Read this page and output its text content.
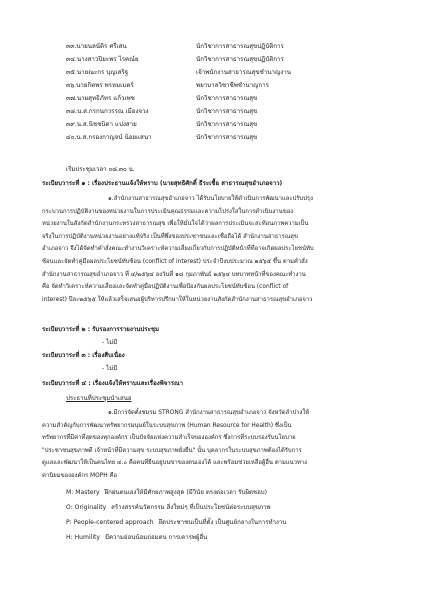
๓๓.นายนลนัติร ศรีเสน	นักวิชาการสาธารณสุขปฏิบัติการ
๓๔.นางสาวปิยะพร ไรคณ์ย	นักวิชาการสาธารณสุขปฏิบัติการ
๓๕.นายณะกร บุญเสริฐ	เจ้าพนักงานสาธารณสุขชำนาญงาน
๓๖.นายกิตพร พรหมเมตร์	พยาบาลวิชาชีพชำนาญการ
๓๗.นายสุทธิภัทร แก้วเพช	นักวิชาการสาธารณสุข
๓๘.น.ส.กรกนกวรรณ เมืองจวง	นักวิชาการสาธารณสุข
๓๙.น.ส.นิชชนิดา แปงสาย	นักวิชาการสาธารณสุข
๔๐.น.ส.กรองกาญจน์ น้อยแสนา	นักวิชาการสาธารณสุข
เริ่มประชุมเวลา ๐๘.๓๐ น.
ระเบียบวาระที่ ๑ : เรื่องประธานแจ้งให้ทราบ (นายสุทธิศักดิ์ ธีระเชื้อ สาธารณสุขอำเภอจาว)
๑.สำนักงานสาธารณสุขอำเภอจาว ได้รับนโยบายให้ดำเนินการพัฒนาและปรับปรุง
กระบวนการปฏิบัติงานของหน่วยงานในการประเมินคุณธรรมและความโปร่งใสในการดำเนินงานของ
หน่วยงานในสังกัดสำนักงานกระทรวงสาธารณสุข เพื่อให้มั่นใจได้ว่าผลการประเมินจะสะท้อนภาพความเป็น
จริงในการปฏิบัติงานหน่วยงานอย่างแท้จริง เป็นที่พึ่งของประชาชนและเชื่อถือได้ สำนักงานสาธารณสุข
อำเภอจาว จึงได้จัดทำคำสั่งคณะทำงานวิเคราะห์ความเสี่ยงเกี่ยวกับการปฏิบัติหน้าที่ที่อาจเกิดผลประโยชน์ทับ
ซ้อนและจัดทำคู่มือผลประโยชน์ทับซ้อน (conflict of interest) ประจำปีงบประมาณ ๒๕๖๕ ขึ้น ตามคำสั่ง
สำนักงานสาธารณสุขอำเภอจาว ที่ ๔/๒๕๖๔ ลงวันที่ ๑๘ กุมภาพันธ์ ๒๕๖๔ บทบาทหน้าที่ของคณะทำงาน
คือ จัดทำวิเคราะห์ความเสี่ยงและจัดทำคู่มือปฏิบัติงานเพื่อป้องกันผลประโยชน์ทับซ้อน (conflict of
interest) ปีละ๒๕๖๕ ให้แล้วเสร็จเสนอผู้บริหารปรึกษาให้ในหน่วยงานสังกัดสำนักงานสาธารณสุขอำเภอจาว
ระเบียบวาระที่ ๒ : รับรองการรายงานประชุม
- ไม่มี
ระเบียบวาระที่ ๓ : เรื่องสืบเนื่อง
- ไม่มี
ระเบียบวาระที่ ๔ : เรื่องแจ้งให้ทราบและเรื่องพิจารณา
ประธานที่ประชุมนำเสนอ
๑.มีการจัดตั้งชมรม STRONG สำนักงานสาธารณสุขอำเภอจาว จังหวัดลำปางให้
ความสำคัญกับการพัฒนาทรัพยากรมนุษย์ในระบบสุขภาพ (Human Resource for Health) ซึ่งเป็น
ทรัพยากรที่มีค่าที่สุดของทุกองค์กร เป็นปัจจัยแห่งความสำเร็จขององค์กร ซึ่งการที่ระบบรองรับนโยบาย
"ประชาชนสุขภาพดี เจ้าหน้าที่มีความสุข ระบบสุขภาพยั่งยืน" นั้น บุคลากรในระบบสุขภาพต้องได้รับการ
ดูแลและพัฒนาให้เป็นคนไทย ๔.๐ คือคนที่ยืนอยู่บนขาของตนเองได้ และพร้อมช่วยเหลือผู้อื่น ตามแนวทาง
ค่านิยมขององค์กร MOPH คือ
M: Mastery ฝึกฝนตนเองให้มีศักยภาพสูงสุด (มีวินัย ตรงต่อเวลา รับผิดชอบ)
O: Originality สร้างสรรค์นวัตกรรม สิ่งใหม่ๆ ที่เป็นประโยชน์ต่อระบบสุขภาพ
P: People-centered approach ยึดประชาชนเป็นที่ตั้ง เป็นศูนย์กลางในการทำงาน
H: Humility มีความอ่อนน้อมถ่อมตน การเคารพผู้อื่น
